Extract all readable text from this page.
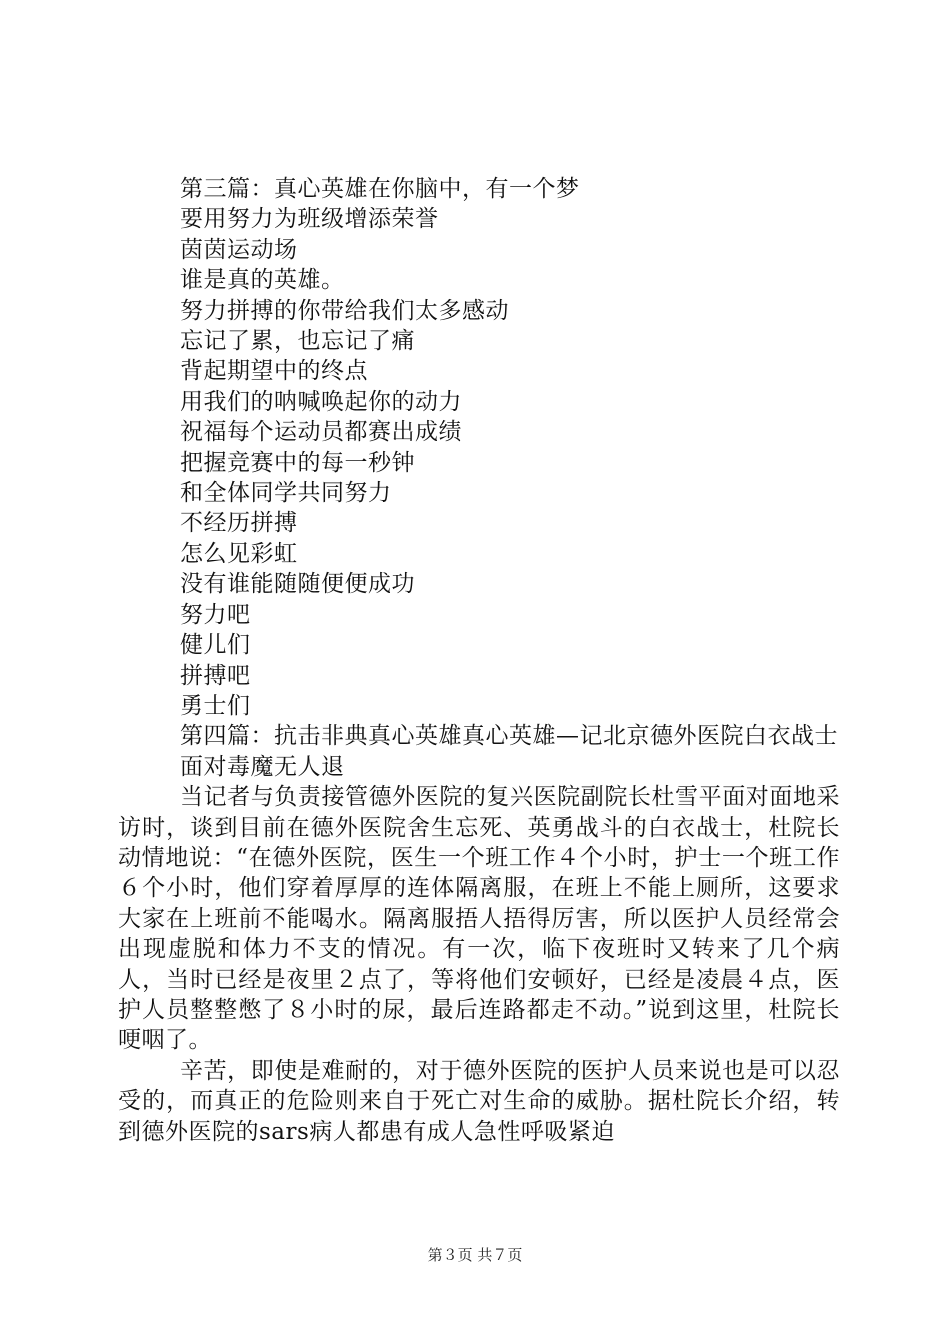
第三篇：真心英雄在你脑中，有一个梦
要用努力为班级增添荣誉
茵茵运动场
谁是真的英雄。
努力拼搏的你带给我们太多感动
忘记了累，也忘记了痛
背起期望中的终点
用我们的呐喊唤起你的动力
祝福每个运动员都赛出成绩
把握竞赛中的每一秒钟
和全体同学共同努力
不经历拼搏
怎么见彩虹
没有谁能随随便便成功
努力吧
健儿们
拼搏吧
勇士们

第四篇：抗击非典真心英雄真心英雄—记北京德外医院白衣战士

面对毒魔无人退

当记者与负责接管德外医院的复兴医院副院长杜雪平面对面地采访时，谈到目前在德外医院舍生忘死、英勇战斗的白衣战士，杜院长动情地说：“在德外医院，医生一个班工作４个小时，护士一个班工作６个小时，他们穿着厚厚的连体隔离服，在班上不能上厕所，这要求大家在上班前不能喝水。隔离服捂人捂得厉害，所以医护人员经常会出现虚脱和体力不支的情况。有一次，临下夜班时又转来了几个病人，当时已经是夜里２点了，等将他们安顿好，已经是凌晨４点，医护人员整整憋了８小时的尿，最后连路都走不动。”说到这里，杜院长哽咽了。

辛苦，即使是难耐的，对于德外医院的医护人员来说也是可以忍受的，而真正的危险则来自于死亡对生命的威胁。据杜院长介绍，转到德外医院的sars病人都患有成人急性呼吸紧迫

第３页 共７页
